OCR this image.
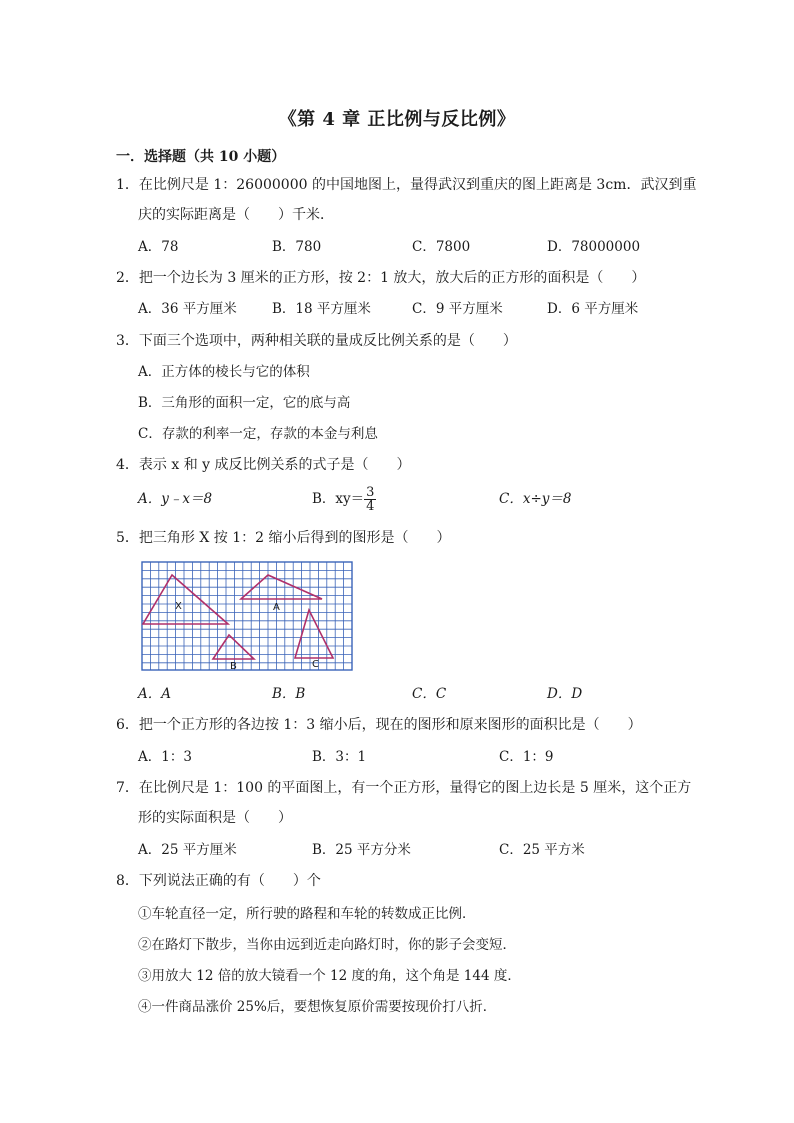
《第 4 章 正比例与反比例》
一．选择题（共 10 小题）
1．在比例尺是 1：26000000 的中国地图上，量得武汉到重庆的图上距离是 3cm．武汉到重
庆的实际距离是（　　）千米．
A．78	B．780	C．7800	D．78000000
2．把一个边长为 3 厘米的正方形，按 2：1 放大，放大后的正方形的面积是（　　）
A．36 平方厘米	B．18 平方厘米	C．9 平方厘米	D．6 平方厘米
3．下面三个选项中，两种相关联的量成反比例关系的是（　　）
A．正方体的棱长与它的体积
B．三角形的面积一定，它的底与高
C．存款的利率一定，存款的本金与利息
4．表示 x 和 y 成反比例关系的式子是（　　）
A．y﹣x＝8	B．$xy= \frac{3}{4}$	C．x÷y＝8
5．把三角形 X 按 1：2 缩小后得到的图形是（　　）
X	A
B	C
A．A	B．B	C．C	D．D
6．把一个正方形的各边按 1：3 缩小后，现在的图形和原来图形的面积比是（　　）
A．1：3	B．3：1	C．1：9
7．在比例尺是 1：100 的平面图上，有一个正方形，量得它的图上边长是 5 厘米，这个正方
形的实际面积是（　　）
A．25 平方厘米	B．25 平方分米	C．25 平方米
8．下列说法正确的有（　　）个
①车轮直径一定，所行驶的路程和车轮的转数成正比例．
②在路灯下散步，当你由远到近走向路灯时，你的影子会变短．
③用放大 12 倍的放大镜看一个 12 度的角，这个角是 144 度．
④一件商品涨价 25%后，要想恢复原价需要按现价打八折．
